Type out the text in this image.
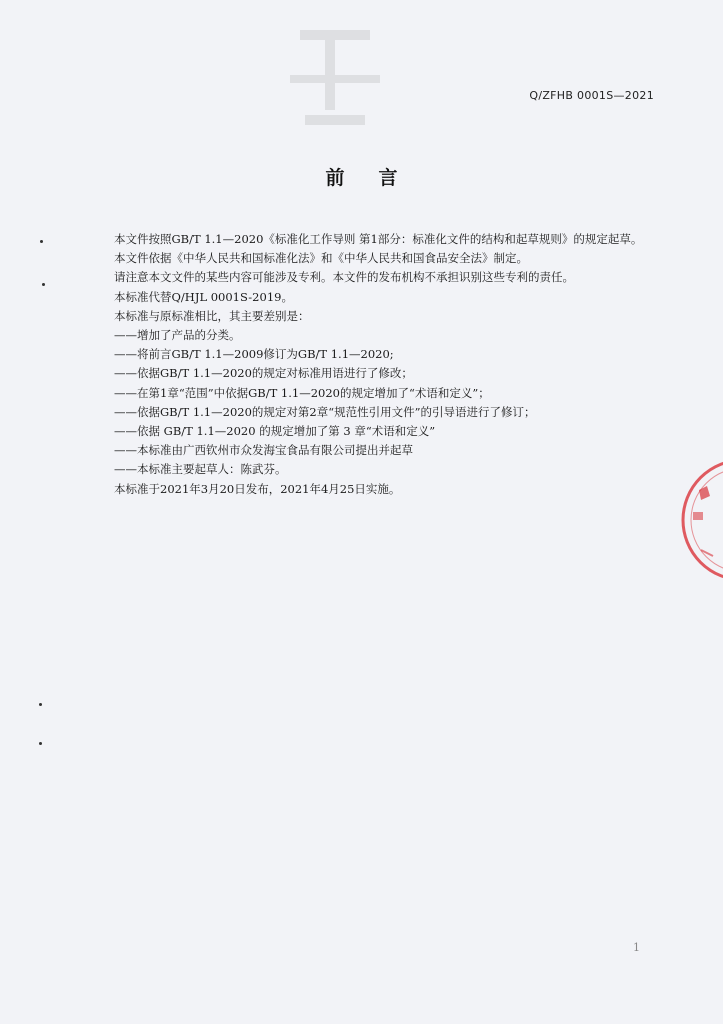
Q/ZFHB 0001S—2021
前言

本文件按照GB/T 1.1—2020《标准化工作导则 第1部分：标准化文件的结构和起草规则》的规定起草。

本文件依据《中华人民共和国标准化法》和《中华人民共和国食品安全法》制定。

请注意本文文件的某些内容可能涉及专利。本文件的发布机构不承担识别这些专利的责任。

本标准代替Q/HJL 0001S-2019。

本标准与原标准相比，其主要差别是：

——增加了产品的分类。

——将前言GB/T 1.1—2009修订为GB/T 1.1—2020;

——依据GB/T 1.1—2020的规定对标准用语进行了修改；

——在第1章“范围”中依据GB/T 1.1—2020的规定增加了“术语和定义”；

——依据GB/T 1.1—2020的规定对第2章“规范性引用文件”的引导语进行了修订；

——依据 GB/T 1.1—2020 的规定增加了第 3 章“术语和定义”

——本标准由广西钦州市众发海宝食品有限公司提出并起草

——本标准主要起草人：陈武芬。

本标准于2021年3月20日发布，2021年4月25日实施。

1
